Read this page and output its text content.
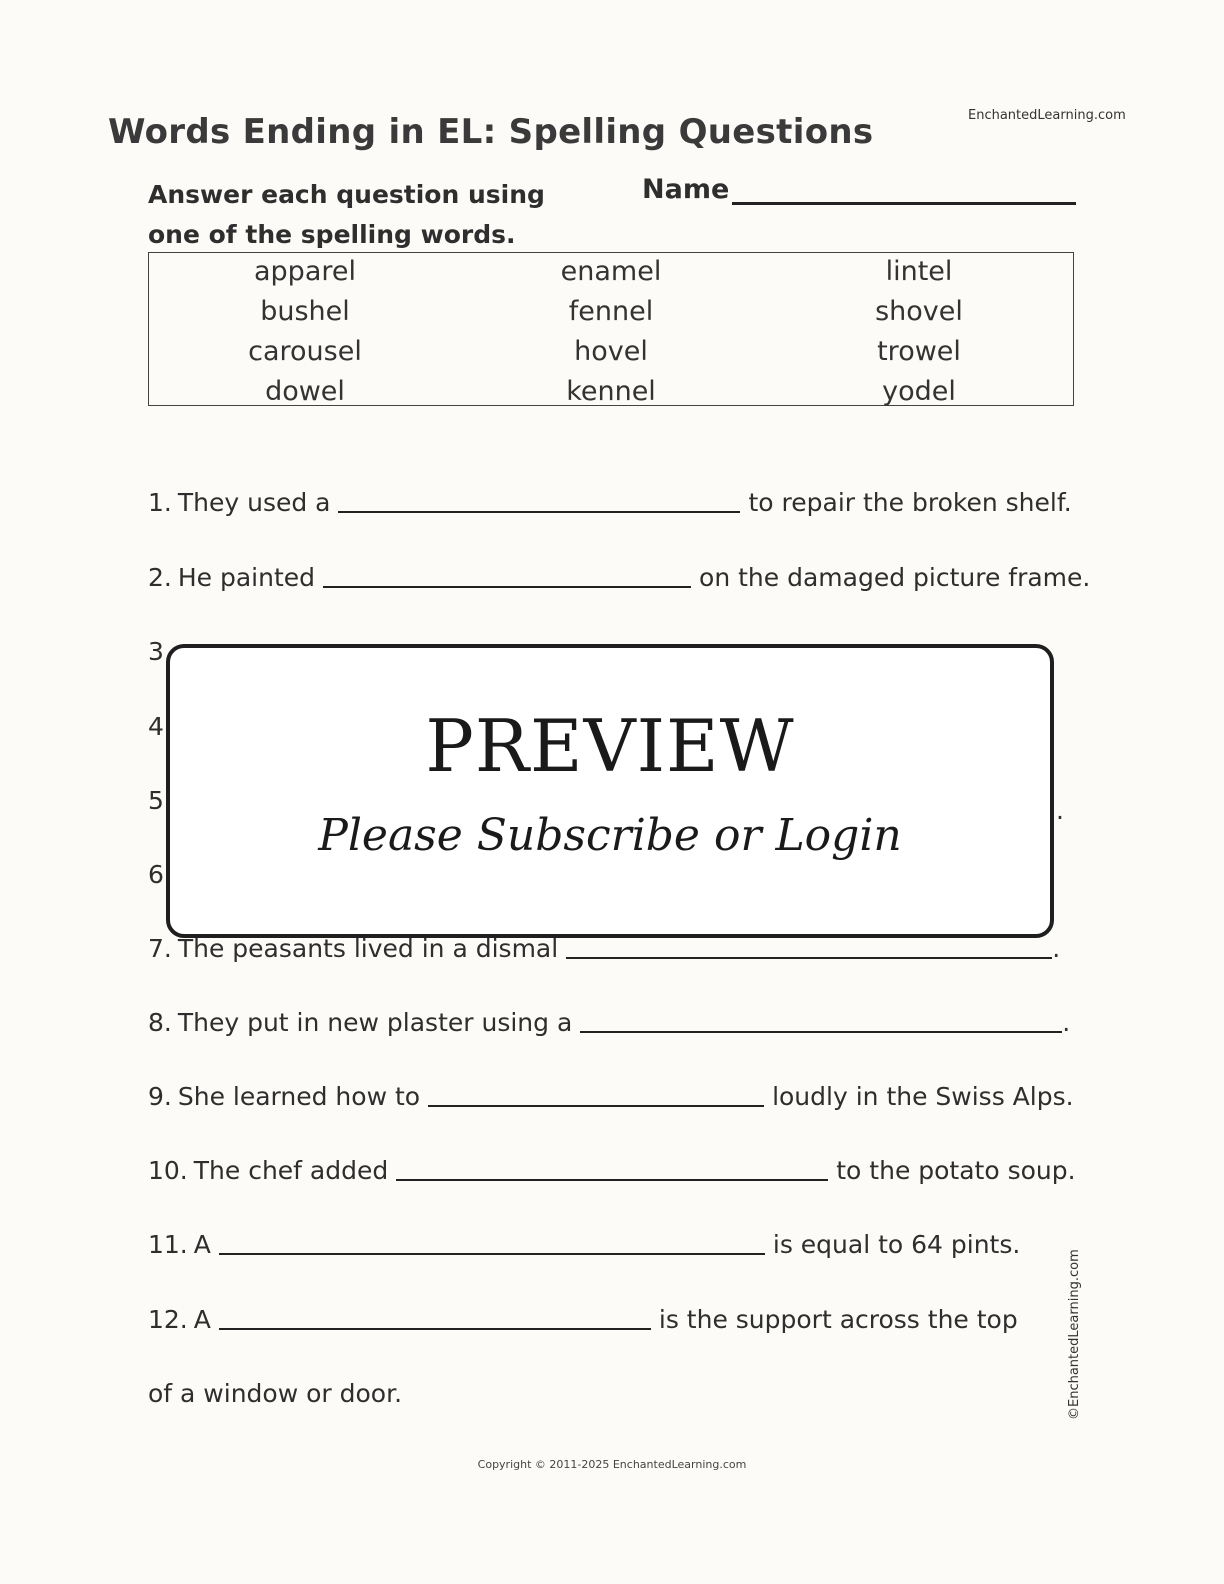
Words Ending in EL: Spelling Questions	EnchantedLearning.com
Answer each question using one of the spelling words.
Name
apparel	enamel	lintel
bushel	fennel	shovel
carousel	hovel	trowel
dowel	kennel	yodel
1. They used a	to repair the broken shelf.
2. He painted	on the damaged picture frame.
3
4
5
6
.
PREVIEW
Please Subscribe or Login
7. The peasants lived in a dismal	.
8. They put in new plaster using a	.
9. She learned how to	loudly in the Swiss Alps.
10. The chef added	to the potato soup.
11. A	is equal to 64 pints.
12. A	is the support across the top
of a window or door.
Copyright © 2011-2025 EnchantedLearning.com
©EnchantedLearning.com
